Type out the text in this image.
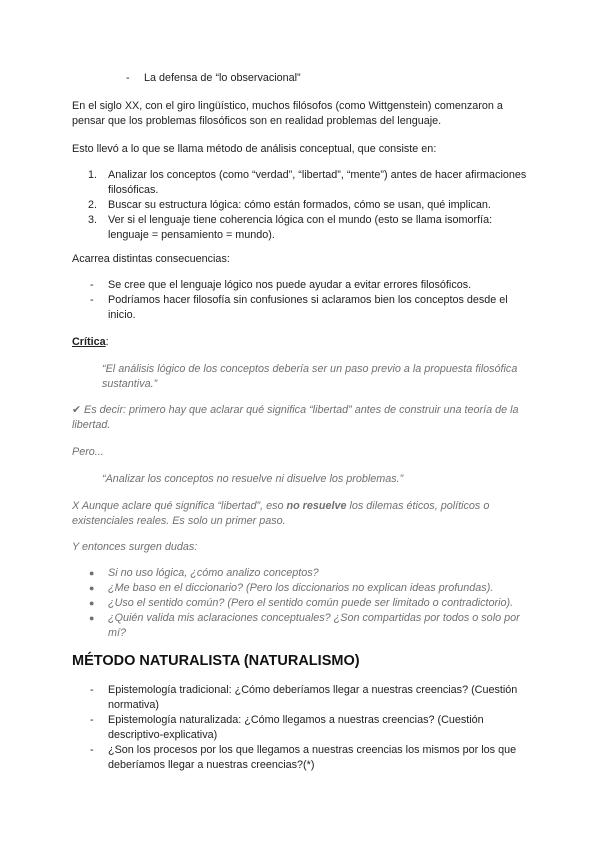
- La defensa de “lo observacional”

En el siglo XX, con el giro lingüístico, muchos filósofos (como Wittgenstein) comenzaron a pensar que los problemas filosóficos son en realidad problemas del lenguaje.

Esto llevó a lo que se llama método de análisis conceptual, que consiste en:

1. Analizar los conceptos (como “verdad”, “libertad”, “mente”) antes de hacer afirmaciones filosóficas.
2. Buscar su estructura lógica: cómo están formados, cómo se usan, qué implican.
3. Ver si el lenguaje tiene coherencia lógica con el mundo (esto se llama isomorfía: lenguaje = pensamiento = mundo).

Acarrea distintas consecuencias:

- Se cree que el lenguaje lógico nos puede ayudar a evitar errores filosóficos.
- Podríamos hacer filosofía sin confusiones si aclaramos bien los conceptos desde el inicio.

Crítica:

“El análisis lógico de los conceptos debería ser un paso previo a la propuesta filosófica sustantiva.”

✔ Es decir: primero hay que aclarar qué significa “libertad” antes de construir una teoría de la libertad.

Pero...

“Analizar los conceptos no resuelve ni disuelve los problemas.”

X Aunque aclare qué significa “libertad”, eso no resuelve los dilemas éticos, políticos o existenciales reales. Es solo un primer paso.

Y entonces surgen dudas:

● Si no uso lógica, ¿cómo analizo conceptos?
● ¿Me baso en el diccionario? (Pero los diccionarios no explican ideas profundas).
● ¿Uso el sentido común? (Pero el sentido común puede ser limitado o contradictorio).
● ¿Quién valida mis aclaraciones conceptuales? ¿Son compartidas por todos o solo por mí?
MÉTODO NATURALISTA (NATURALISMO)
- Epistemología tradicional: ¿Cómo deberíamos llegar a nuestras creencias? (Cuestión normativa)
- Epistemología naturalizada: ¿Cómo llegamos a nuestras creencias? (Cuestión descriptivo-explicativa)
- ¿Son los procesos por los que llegamos a nuestras creencias los mismos por los que deberíamos llegar a nuestras creencias?(*)
